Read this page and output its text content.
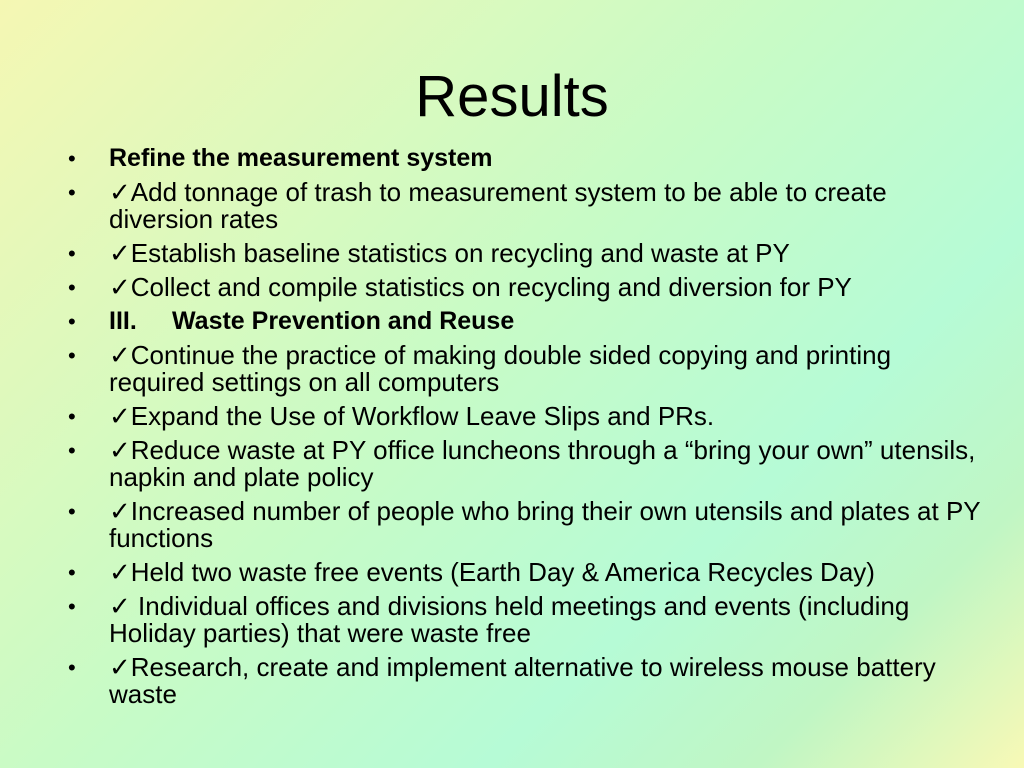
Results
• Refine the measurement system
• ✓Add tonnage of trash to measurement system to be able to create diversion rates
• ✓Establish baseline statistics on recycling and waste at PY
• ✓Collect and compile statistics on recycling and diversion for PY
• III. Waste Prevention and Reuse
• ✓Continue the practice of making double sided copying and printing required settings on all computers
• ✓Expand the Use of Workflow Leave Slips and PRs.
• ✓Reduce waste at PY office luncheons through a “bring your own” utensils, napkin and plate policy
• ✓Increased number of people who bring their own utensils and plates at PY functions
• ✓Held two waste free events (Earth Day & America Recycles Day)
• ✓ Individual offices and divisions held meetings and events (including Holiday parties) that were waste free
• ✓Research, create and implement alternative to wireless mouse battery waste
